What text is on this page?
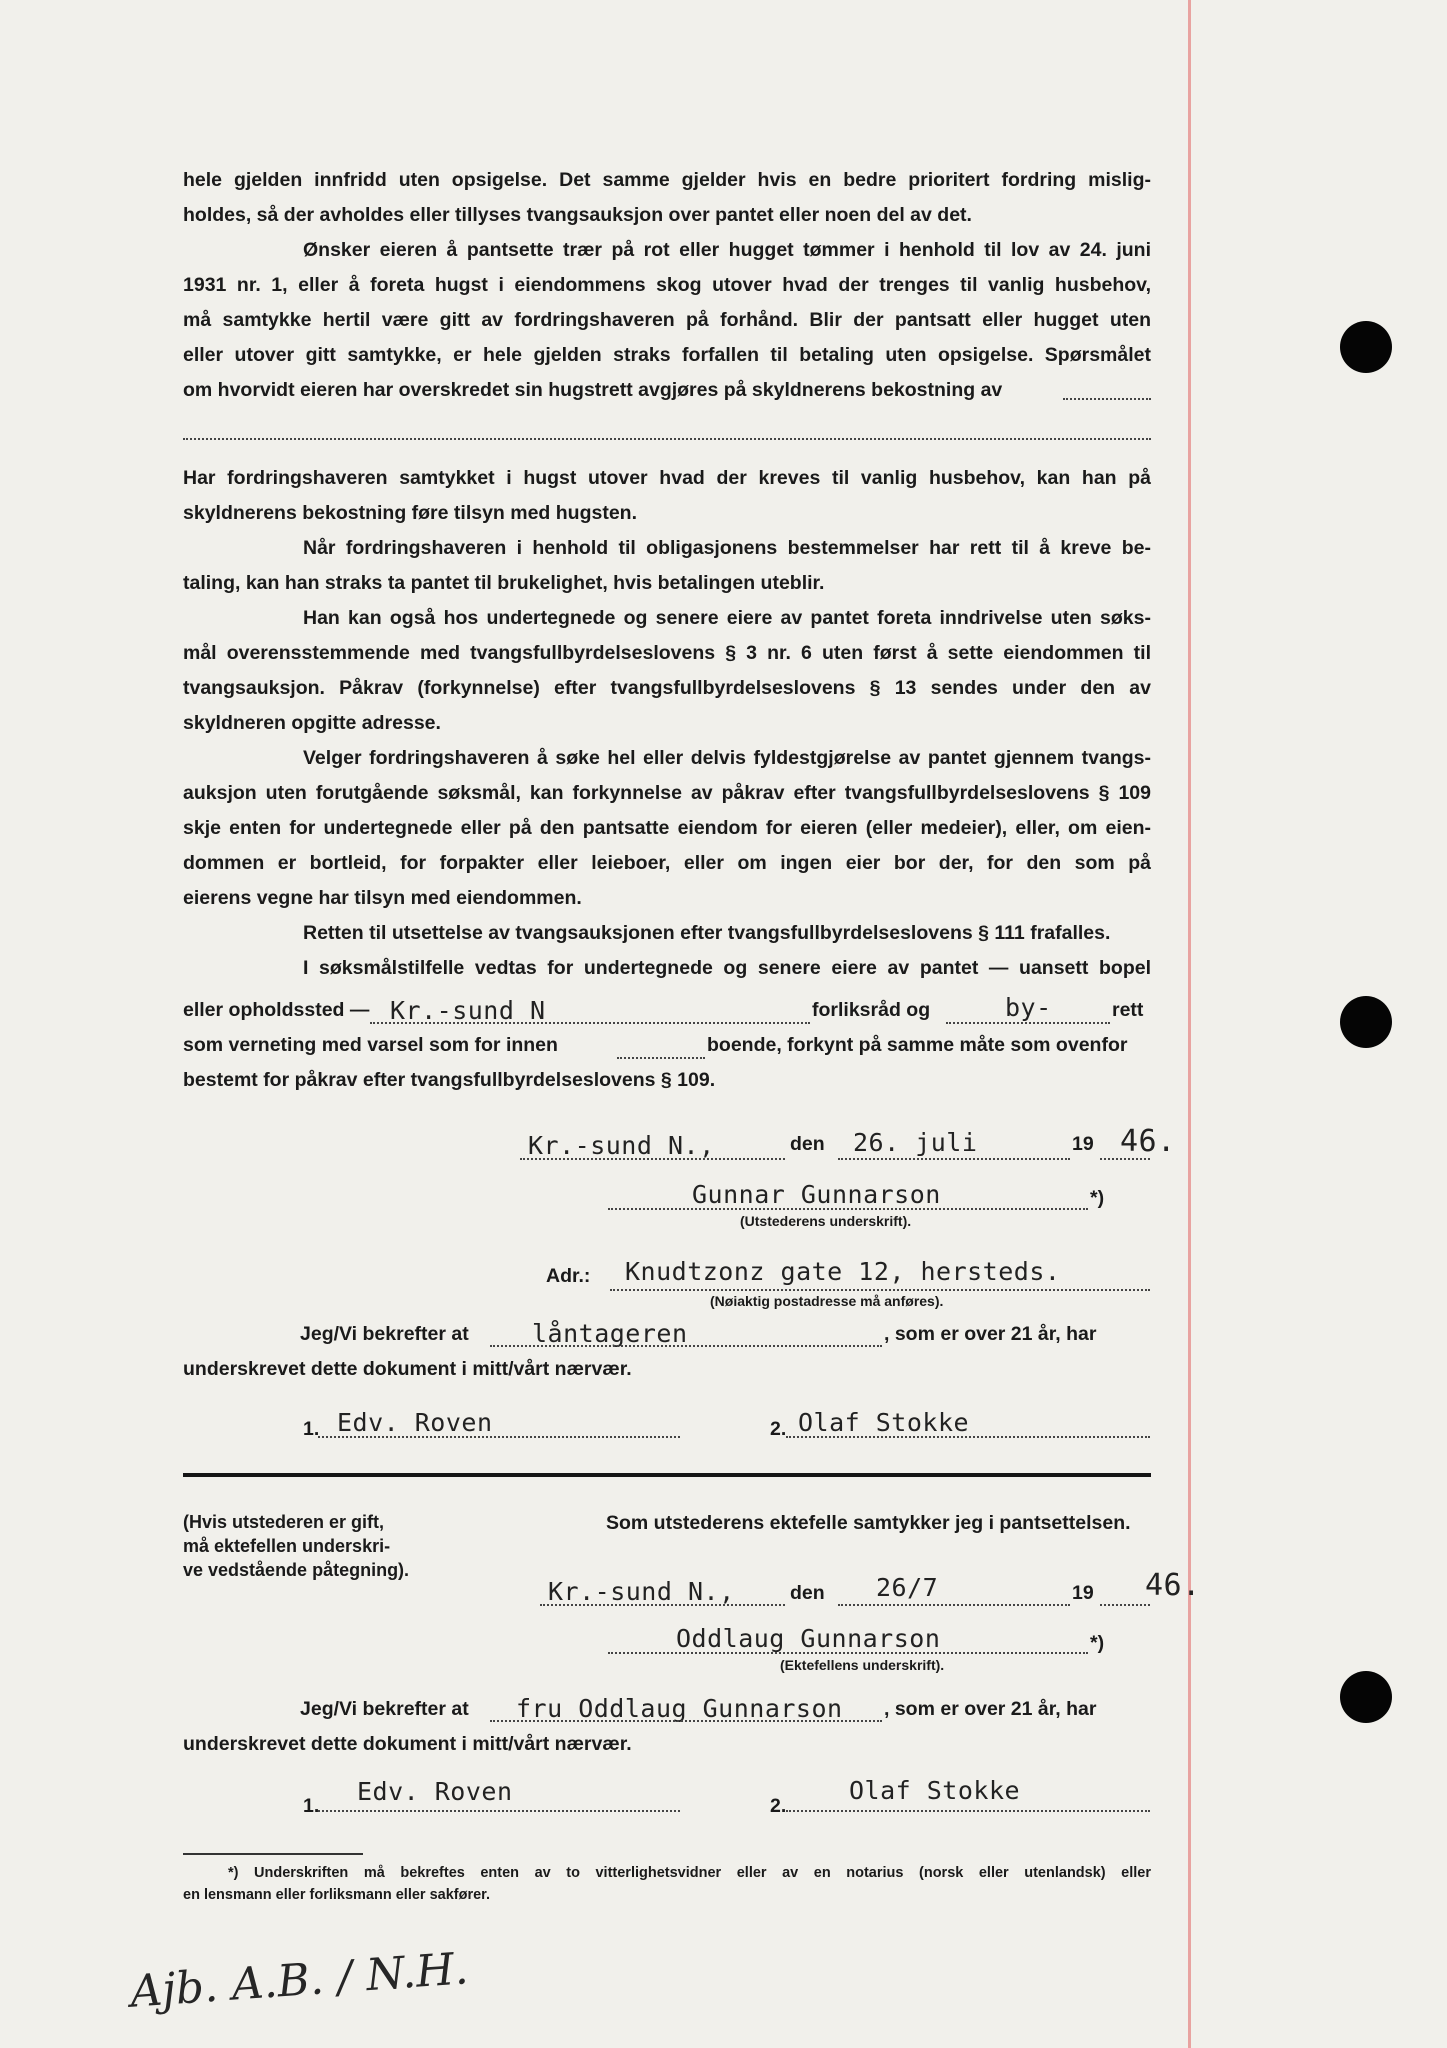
hele gjelden innfridd uten opsigelse. Det samme gjelder hvis en bedre prioritert fordring mislig-
holdes, så der avholdes eller tillyses tvangsauksjon over pantet eller noen del av det.
Ønsker eieren å pantsette trær på rot eller hugget tømmer i henhold til lov av 24. juni
1931 nr. 1, eller å foreta hugst i eiendommens skog utover hvad der trenges til vanlig husbehov,
må samtykke hertil være gitt av fordringshaveren på forhånd. Blir der pantsatt eller hugget uten
eller utover gitt samtykke, er hele gjelden straks forfallen til betaling uten opsigelse. Spørsmålet
om hvorvidt eieren har overskredet sin hugstrett avgjøres på skyldnerens bekostning av
Har fordringshaveren samtykket i hugst utover hvad der kreves til vanlig husbehov, kan han på
skyldnerens bekostning føre tilsyn med hugsten.
Når fordringshaveren i henhold til obligasjonens bestemmelser har rett til å kreve be-
taling, kan han straks ta pantet til brukelighet, hvis betalingen uteblir.
Han kan også hos undertegnede og senere eiere av pantet foreta inndrivelse uten søks-
mål overensstemmende med tvangsfullbyrdelseslovens § 3 nr. 6 uten først å sette eiendommen til
tvangsauksjon. Påkrav (forkynnelse) efter tvangsfullbyrdelseslovens § 13 sendes under den av
skyldneren opgitte adresse.
Velger fordringshaveren å søke hel eller delvis fyldestgjørelse av pantet gjennem tvangs-
auksjon uten forutgående søksmål, kan forkynnelse av påkrav efter tvangsfullbyrdelseslovens § 109
skje enten for undertegnede eller på den pantsatte eiendom for eieren (eller medeier), eller, om eien-
dommen er bortleid, for forpakter eller leieboer, eller om ingen eier bor der, for den som på
eierens vegne har tilsyn med eiendommen.
Retten til utsettelse av tvangsauksjonen efter tvangsfullbyrdelseslovens § 111 frafalles.
I søksmålstilfelle vedtas for undertegnede og senere eiere av pantet — uansett bopel
eller opholdssted — Kr.-sund N	forliksråd og	by-	rett
som verneting med varsel som for innen	boende, forkynt på samme måte som ovenfor
bestemt for påkrav efter tvangsfullbyrdelseslovens § 109.
Kr.-sund N.,	den 26. juli	19 46.
Gunnar Gunnarson	*)
(Utstederens underskrift).
Adr.: Knudtzonz gate 12, hersteds.
(Nøiaktig postadresse må anføres).
Jeg/Vi bekrefter at	låntageren	, som er over 21 år, har
underskrevet dette dokument i mitt/vårt nærvær.
1. Edv. Roven	2. Olaf Stokke
(Hvis utstederen er gift,
må ektefellen underskri-
ve vedstående påtegning).
Som utstederens ektefelle samtykker jeg i pantsettelsen.
Kr.-sund N.,	den 26/7	19 46.
Oddlaug Gunnarson	*)
(Ektefellens underskrift).
Jeg/Vi bekrefter at fru Oddlaug Gunnarson , som er over 21 år, har
underskrevet dette dokument i mitt/vårt nærvær.
1. Edv. Roven	2.
Olaf Stokke
*) Underskriften må bekreftes enten av to vitterlighetsvidner eller av en notarius (norsk eller utenlandsk) eller
en lensmann eller forliksmann eller sakfører.
Ajb. A.B. / N.H.
